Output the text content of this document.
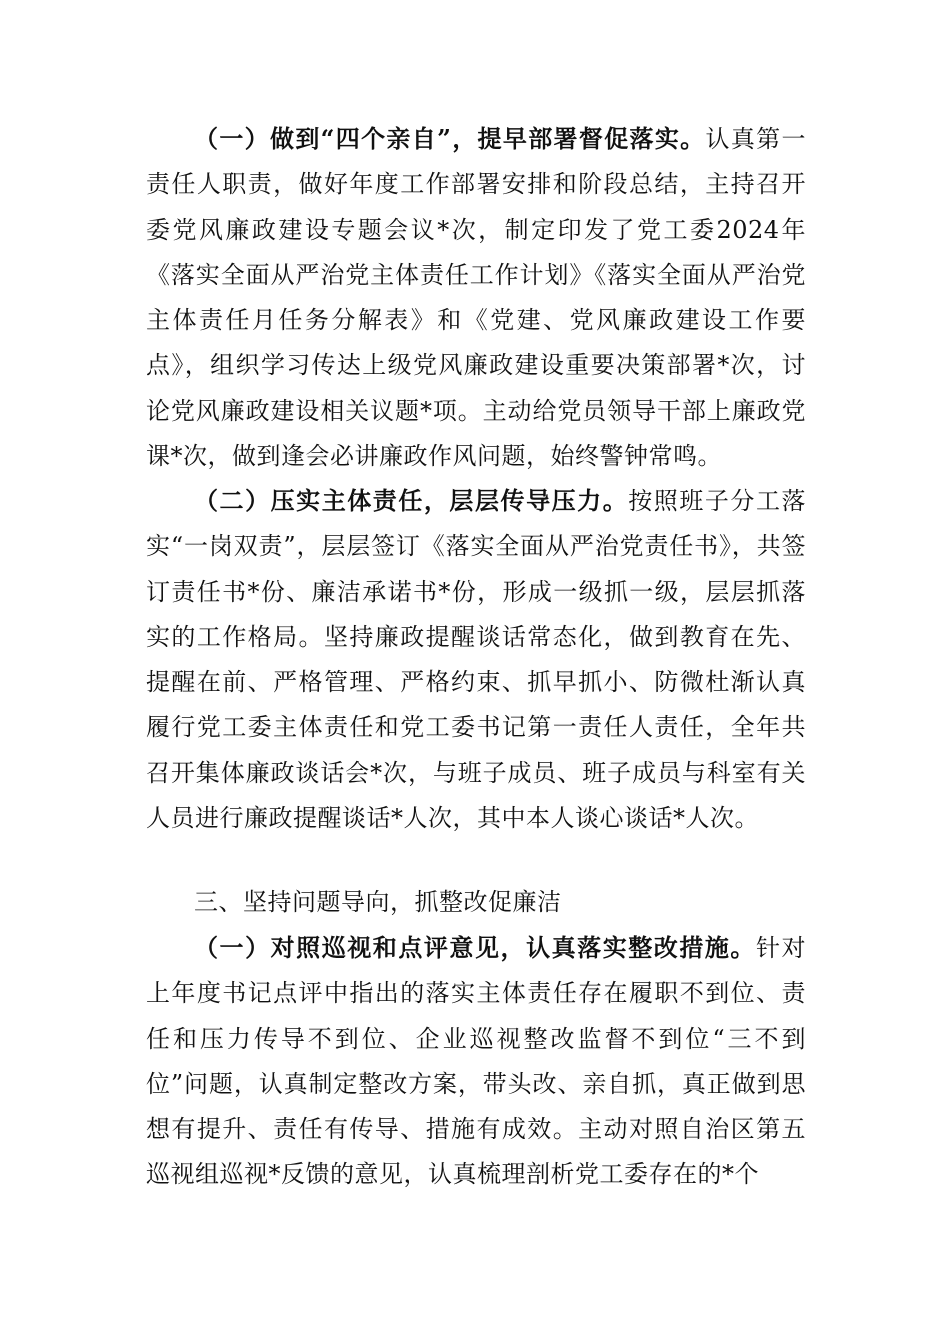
（一）做到“四个亲自”，提早部署督促落实。认真第一责任人职责，做好年度工作部署安排和阶段总结，主持召开委党风廉政建设专题会议*次，制定印发了党工委2024年《落实全面从严治党主体责任工作计划》《落实全面从严治党主体责任月任务分解表》和《党建、党风廉政建设工作要点》，组织学习传达上级党风廉政建设重要决策部署*次，讨论党风廉政建设相关议题*项。主动给党员领导干部上廉政党课*次，做到逢会必讲廉政作风问题，始终警钟常鸣。

（二）压实主体责任，层层传导压力。按照班子分工落实“一岗双责”，层层签订《落实全面从严治党责任书》，共签订责任书*份、廉洁承诺书*份，形成一级抓一级，层层抓落实的工作格局。坚持廉政提醒谈话常态化，做到教育在先、提醒在前、严格管理、严格约束、抓早抓小、防微杜渐认真履行党工委主体责任和党工委书记第一责任人责任，全年共召开集体廉政谈话会*次，与班子成员、班子成员与科室有关人员进行廉政提醒谈话*人次，其中本人谈心谈话*人次。

三、坚持问题导向，抓整改促廉洁

（一）对照巡视和点评意见，认真落实整改措施。针对上年度书记点评中指出的落实主体责任存在履职不到位、责任和压力传导不到位、企业巡视整改监督不到位“三不到位”问题，认真制定整改方案，带头改、亲自抓，真正做到思想有提升、责任有传导、措施有成效。主动对照自治区第五巡视组巡视*反馈的意见，认真梳理剖析党工委存在的*个
